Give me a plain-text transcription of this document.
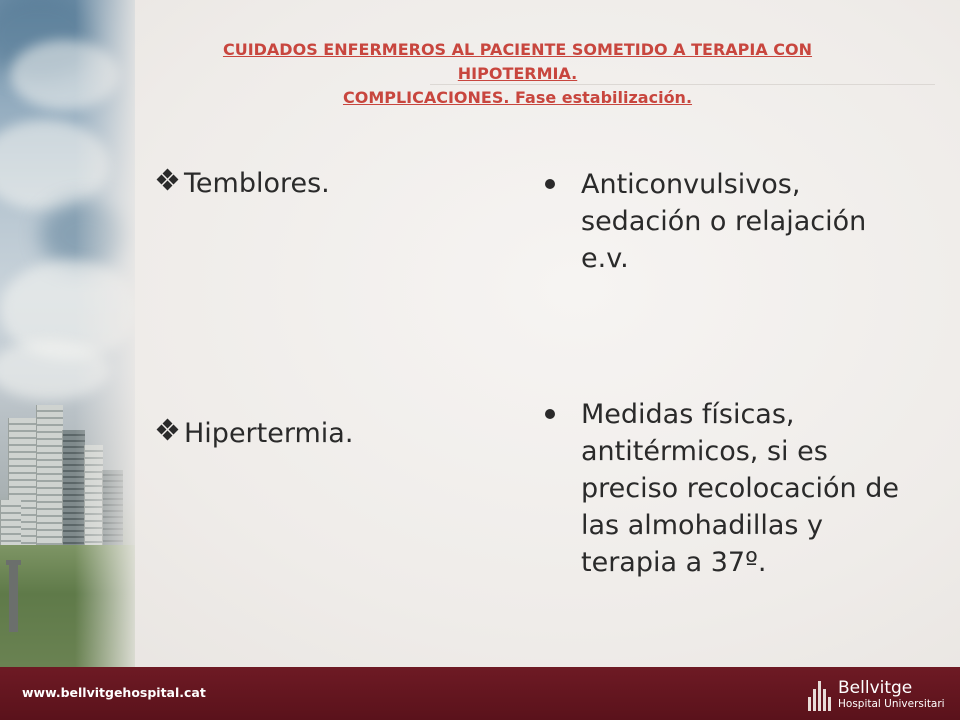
CUIDADOS ENFERMEROS AL PACIENTE SOMETIDO A TERAPIA CON
HIPOTERMIA.
COMPLICACIONES. Fase estabilización.
Temblores.
Hipertermia.
Anticonvulsivos,
sedación o relajación
e.v.
Medidas físicas,
antitérmicos, si es
preciso recolocación de
las almohadillas y
terapia a 37º.
www.bellvitgehospital.cat	Bellvitge
Hospital Universitari
